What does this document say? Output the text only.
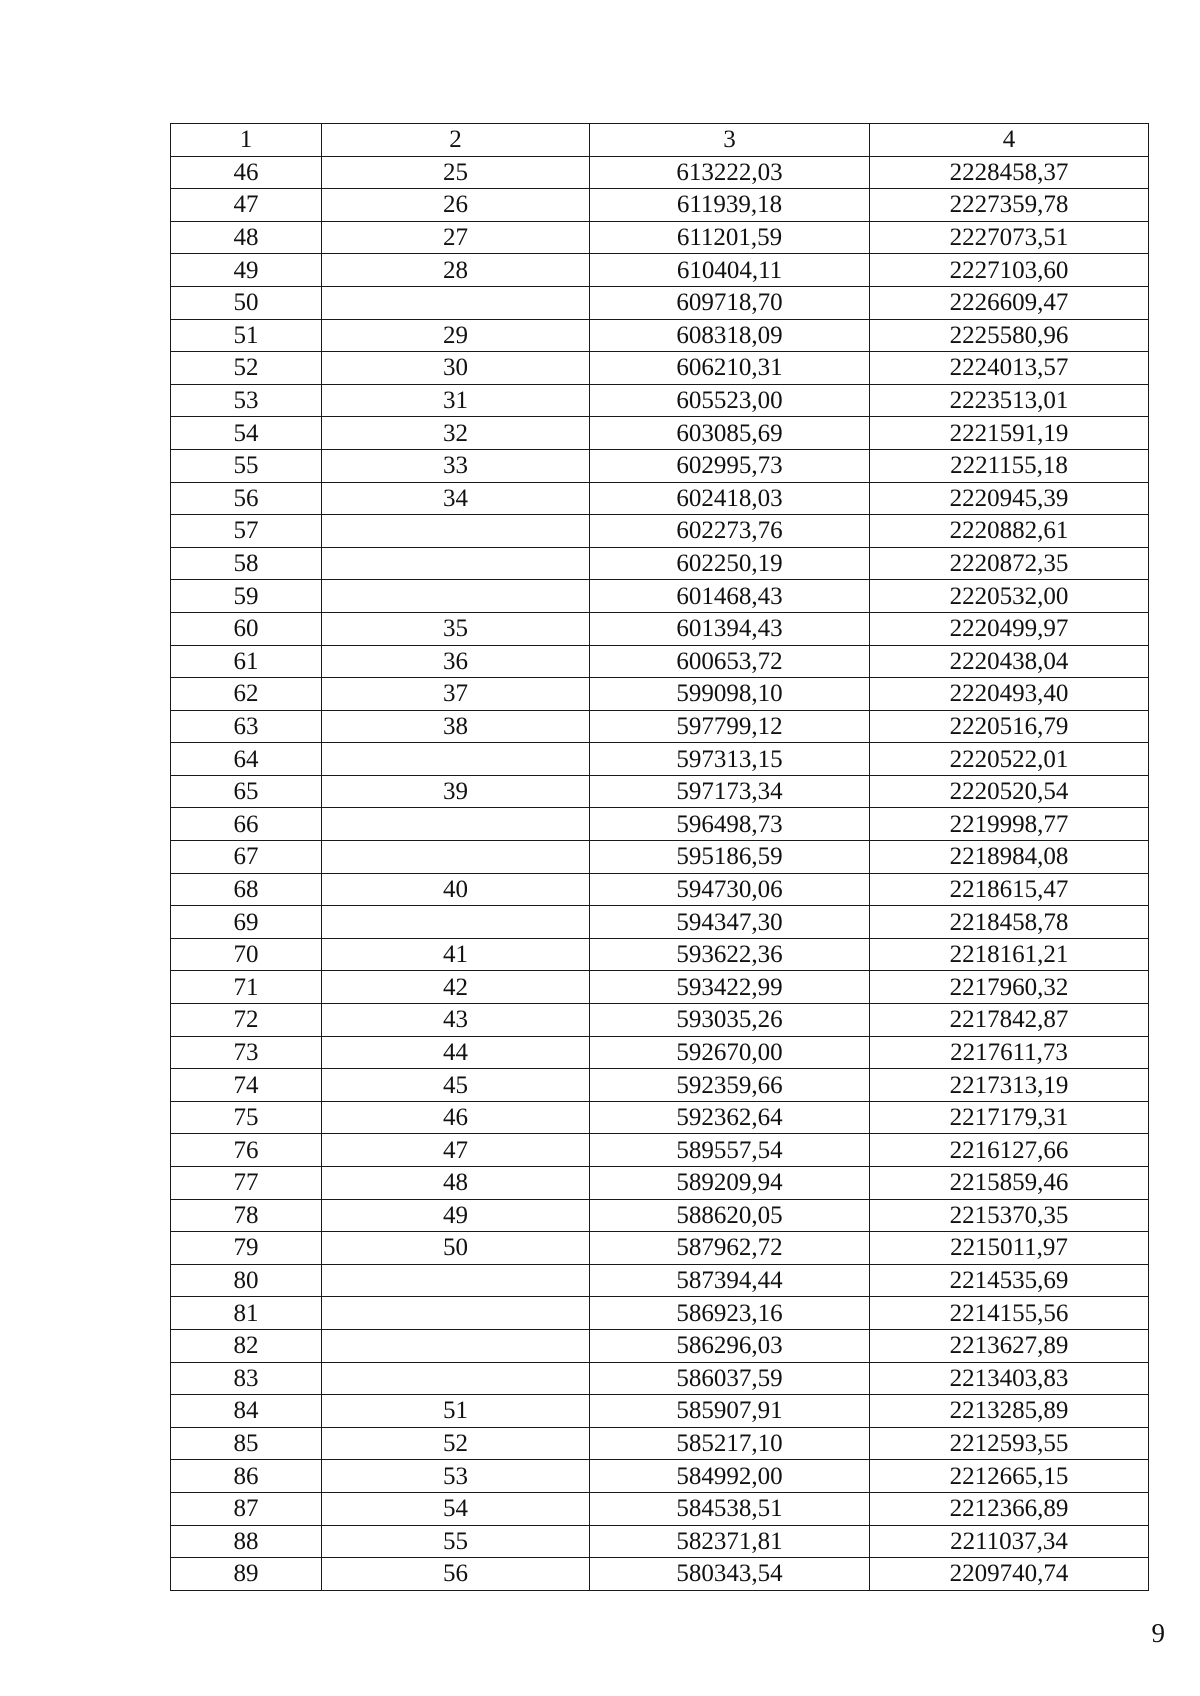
1	2	3	4
46	25	613222,03	2228458,37
47	26	611939,18	2227359,78
48	27	611201,59	2227073,51
49	28	610404,11	2227103,60
50		609718,70	2226609,47
51	29	608318,09	2225580,96
52	30	606210,31	2224013,57
53	31	605523,00	2223513,01
54	32	603085,69	2221591,19
55	33	602995,73	2221155,18
56	34	602418,03	2220945,39
57		602273,76	2220882,61
58		602250,19	2220872,35
59		601468,43	2220532,00
60	35	601394,43	2220499,97
61	36	600653,72	2220438,04
62	37	599098,10	2220493,40
63	38	597799,12	2220516,79
64		597313,15	2220522,01
65	39	597173,34	2220520,54
66		596498,73	2219998,77
67		595186,59	2218984,08
68	40	594730,06	2218615,47
69		594347,30	2218458,78
70	41	593622,36	2218161,21
71	42	593422,99	2217960,32
72	43	593035,26	2217842,87
73	44	592670,00	2217611,73
74	45	592359,66	2217313,19
75	46	592362,64	2217179,31
76	47	589557,54	2216127,66
77	48	589209,94	2215859,46
78	49	588620,05	2215370,35
79	50	587962,72	2215011,97
80		587394,44	2214535,69
81		586923,16	2214155,56
82		586296,03	2213627,89
83		586037,59	2213403,83
84	51	585907,91	2213285,89
85	52	585217,10	2212593,55
86	53	584992,00	2212665,15
87	54	584538,51	2212366,89
88	55	582371,81	2211037,34
89	56	580343,54	2209740,74
9
